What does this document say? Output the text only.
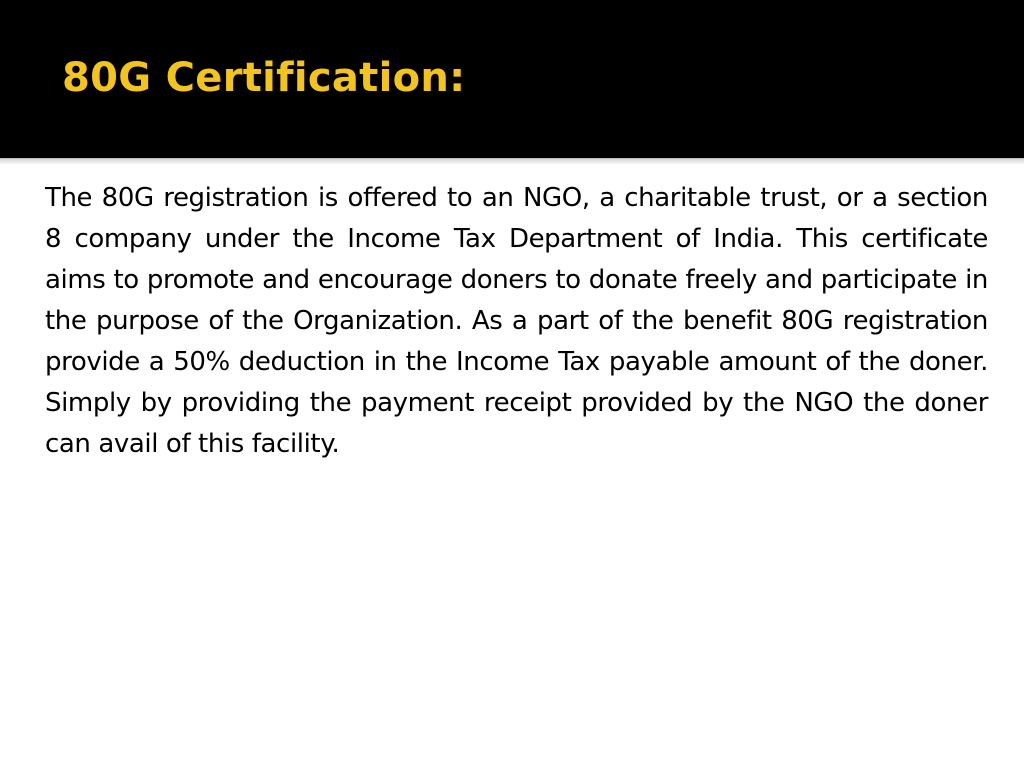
80G Certification:

The 80G registration is offered to an NGO, a charitable trust, or a section 8 company under the Income Tax Department of India. This certificate aims to promote and encourage doners to donate freely and participate in the purpose of the Organization. As a part of the benefit 80G registration provide a 50% deduction in the Income Tax payable amount of the doner. Simply by providing the payment receipt provided by the NGO the doner can avail of this facility.
